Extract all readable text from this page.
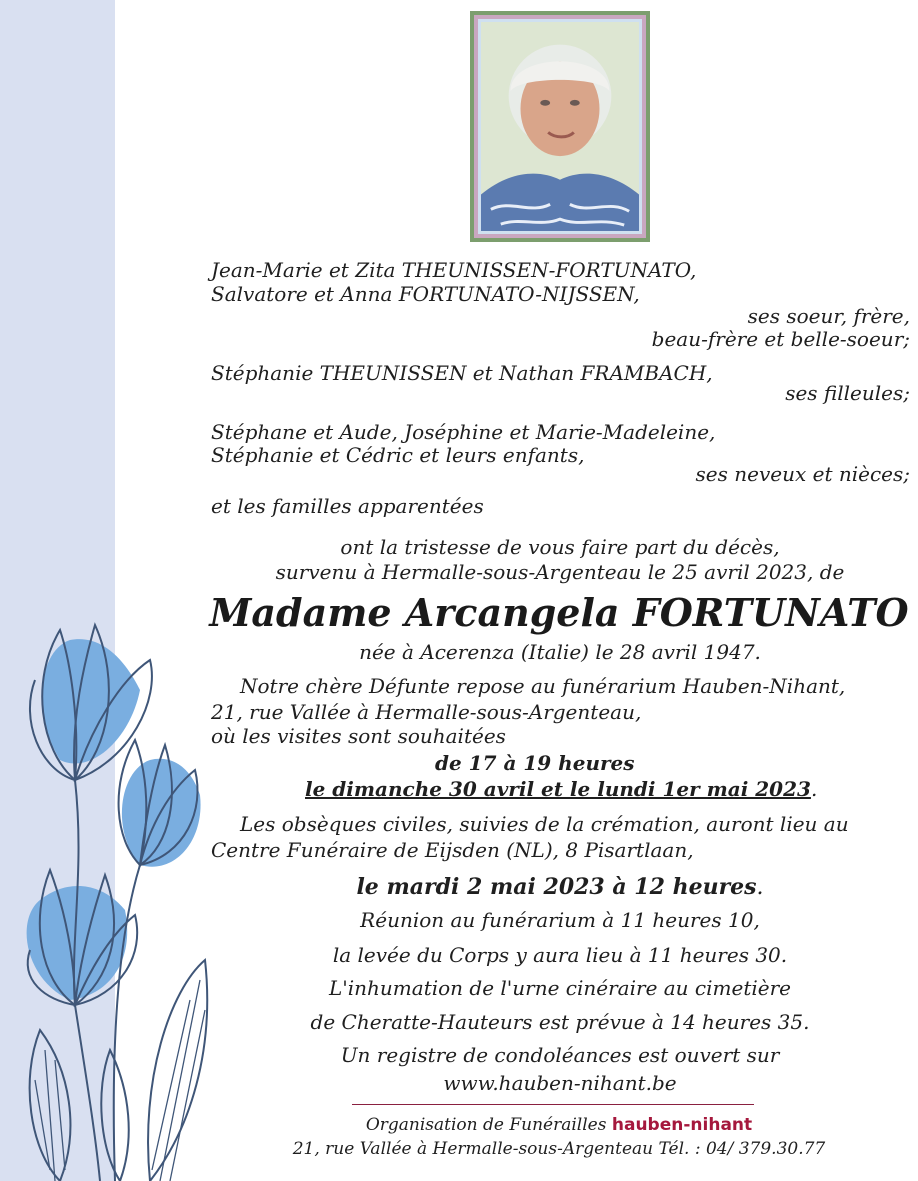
Jean-Marie et Zita THEUNISSEN-FORTUNATO,
Salvatore et Anna FORTUNATO-NIJSSEN,
ses soeur, frère,
beau-frère et belle-soeur;
Stéphanie THEUNISSEN et Nathan FRAMBACH,
ses filleules;
Stéphane et Aude, Joséphine et Marie-Madeleine,
Stéphanie et Cédric et leurs enfants,
ses neveux et nièces;
et les familles apparentées
ont la tristesse de vous faire part du décès,
survenu à Hermalle-sous-Argenteau le 25 avril 2023, de
Madame Arcangela FORTUNATO
née à Acerenza (Italie) le 28 avril 1947.
Notre chère Défunte repose au funérarium Hauben-Nihant,
21, rue Vallée à Hermalle-sous-Argenteau,
où les visites sont souhaitées
de 17 à 19 heures
le dimanche 30 avril et le lundi 1er mai 2023.
Les obsèques civiles, suivies de la crémation, auront lieu au
Centre Funéraire de Eijsden (NL), 8 Pisartlaan,
le mardi 2 mai 2023 à 12 heures.
Réunion au funérarium à 11 heures 10,
la levée du Corps y aura lieu à 11 heures 30.
L'inhumation de l'urne cinéraire au cimetière
de Cheratte-Hauteurs est prévue à 14 heures 35.
Un registre de condoléances est ouvert sur
www.hauben-nihant.be
Organisation de Funérailles hauben-nihant
21, rue Vallée à Hermalle-sous-Argenteau Tél. : 04/ 379.30.77
